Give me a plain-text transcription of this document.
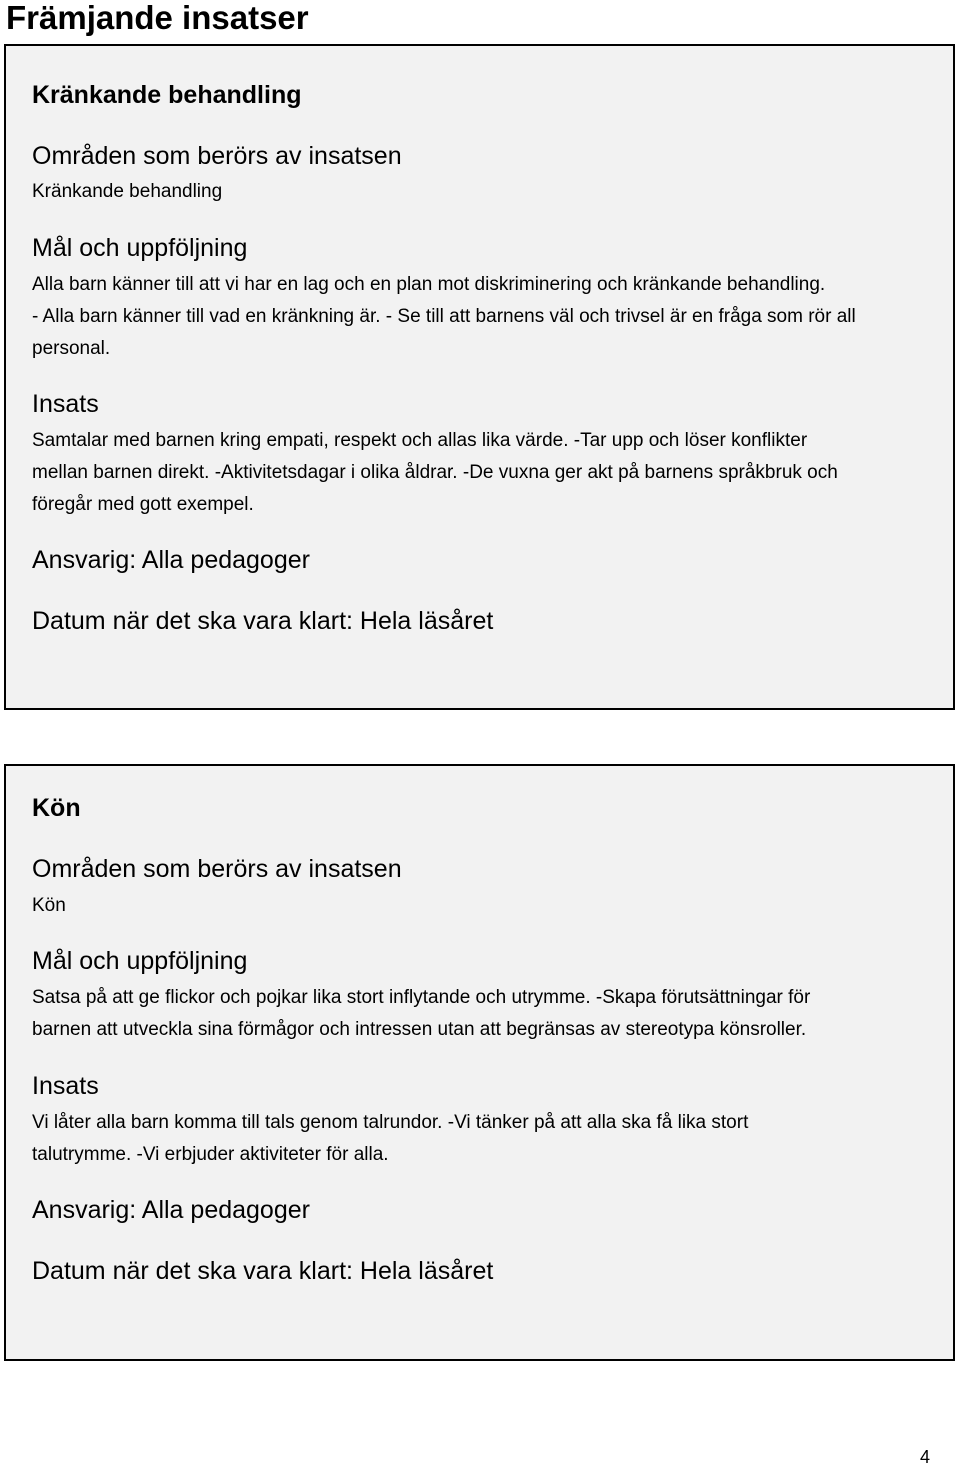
Främjande insatser
Kränkande behandling
Områden som berörs av insatsen
Kränkande behandling
Mål och uppföljning
Alla barn känner till att vi har en lag och en plan mot diskriminering och kränkande behandling.
- Alla barn känner till vad en kränkning är. - Se till att barnens väl och trivsel är en fråga som rör all
personal.
Insats
Samtalar med barnen kring empati, respekt och allas lika värde. -Tar upp och löser konflikter
mellan barnen direkt. -Aktivitetsdagar i olika åldrar. -De vuxna ger akt på barnens språkbruk och
föregår med gott exempel.
Ansvarig: Alla pedagoger
Datum när det ska vara klart: Hela läsåret
Kön
Områden som berörs av insatsen
Kön
Mål och uppföljning
Satsa på att ge flickor och pojkar lika stort inflytande och utrymme. -Skapa förutsättningar för
barnen att utveckla sina förmågor och intressen utan att begränsas av stereotypa könsroller.
Insats
Vi låter alla barn komma till tals genom talrundor. -Vi tänker på att alla ska få lika stort
talutrymme. -Vi erbjuder aktiviteter för alla.
Ansvarig: Alla pedagoger
Datum när det ska vara klart: Hela läsåret
4
